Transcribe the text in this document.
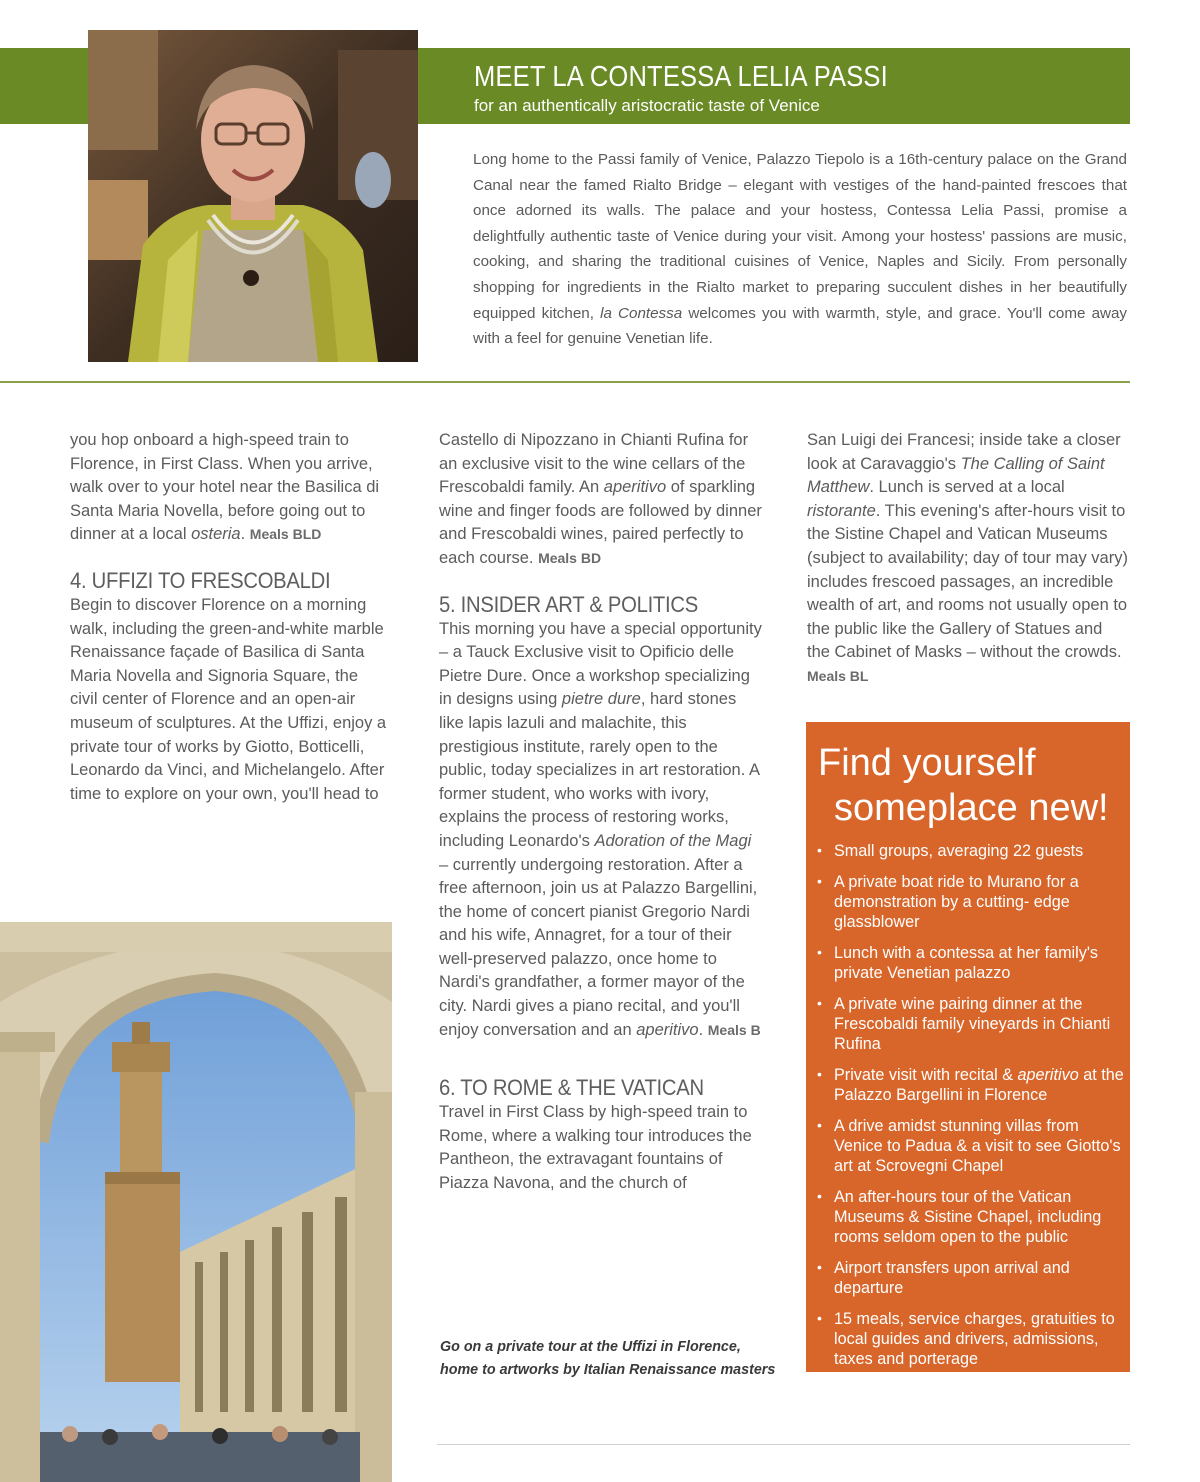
MEET LA CONTESSA LELIA PASSI
for an authentically aristocratic taste of Venice
Long home to the Passi family of Venice, Palazzo Tiepolo is a 16th-century palace on the Grand Canal near the famed Rialto Bridge – elegant with vestiges of the hand-painted frescoes that once adorned its walls. The palace and your hostess, Contessa Lelia Passi, promise a delightfully authentic taste of Venice during your visit. Among your hostess' passions are music, cooking, and sharing the traditional cuisines of Venice, Naples and Sicily. From personally shopping for ingredients in the Rialto market to preparing succulent dishes in her beautifully equipped kitchen, la Contessa welcomes you with warmth, style, and grace. You'll come away with a feel for genuine Venetian life.

you hop onboard a high-speed train to Florence, in First Class. When you arrive, walk over to your hotel near the Basilica di Santa Maria Novella, before going out to dinner at a local osteria. Meals BLD

4. UFFIZI TO FRESCOBALDI

Begin to discover Florence on a morning walk, including the green-and-white marble Renaissance façade of Basilica di Santa Maria Novella and Signoria Square, the civil center of Florence and an open-air museum of sculptures. At the Uffizi, enjoy a private tour of works by Giotto, Botticelli, Leonardo da Vinci, and Michelangelo. After time to explore on your own, you'll head to

Castello di Nipozzano in Chianti Rufina for an exclusive visit to the wine cellars of the Frescobaldi family. An aperitivo of sparkling wine and finger foods are followed by dinner and Frescobaldi wines, paired perfectly to each course. Meals BD

5. INSIDER ART & POLITICS

This morning you have a special opportunity – a Tauck Exclusive visit to Opificio delle Pietre Dure. Once a workshop specializing in designs using pietre dure, hard stones like lapis lazuli and malachite, this prestigious institute, rarely open to the public, today specializes in art restoration. A former student, who works with ivory, explains the process of restoring works, including Leonardo's Adoration of the Magi – currently undergoing restoration. After a free afternoon, join us at Palazzo Bargellini, the home of concert pianist Gregorio Nardi and his wife, Annagret, for a tour of their well-preserved palazzo, once home to Nardi's grandfather, a former mayor of the city. Nardi gives a piano recital, and you'll enjoy conversation and an aperitivo. Meals B

6. TO ROME & THE VATICAN

Travel in First Class by high-speed train to Rome, where a walking tour introduces the Pantheon, the extravagant fountains of Piazza Navona, and the church of

San Luigi dei Francesi; inside take a closer look at Caravaggio's The Calling of Saint Matthew. Lunch is served at a local ristorante. This evening's after-hours visit to the Sistine Chapel and Vatican Museums (subject to availability; day of tour may vary) includes frescoed passages, an incredible wealth of art, and rooms not usually open to the public like the Gallery of Statues and the Cabinet of Masks – without the crowds. Meals BL

Go on a private tour at the Uffizi in Florence,
home to artworks by Italian Renaissance masters
Find yourself
someplace new!
• Small groups, averaging 22 guests
• A private boat ride to Murano for a demonstration by a cutting- edge glassblower
• Lunch with a contessa at her family's private Venetian palazzo
• A private wine pairing dinner at the Frescobaldi family vineyards in Chianti Rufina
• Private visit with recital & aperitivo at the Palazzo Bargellini in Florence
• A drive amidst stunning villas from Venice to Padua & a visit to see Giotto's art at Scrovegni Chapel
• An after-hours tour of the Vatican Museums & Sistine Chapel, including rooms seldom open to the public
• Airport transfers upon arrival and departure
• 15 meals, service charges, gratuities to local guides and drivers, admissions, taxes and porterage
